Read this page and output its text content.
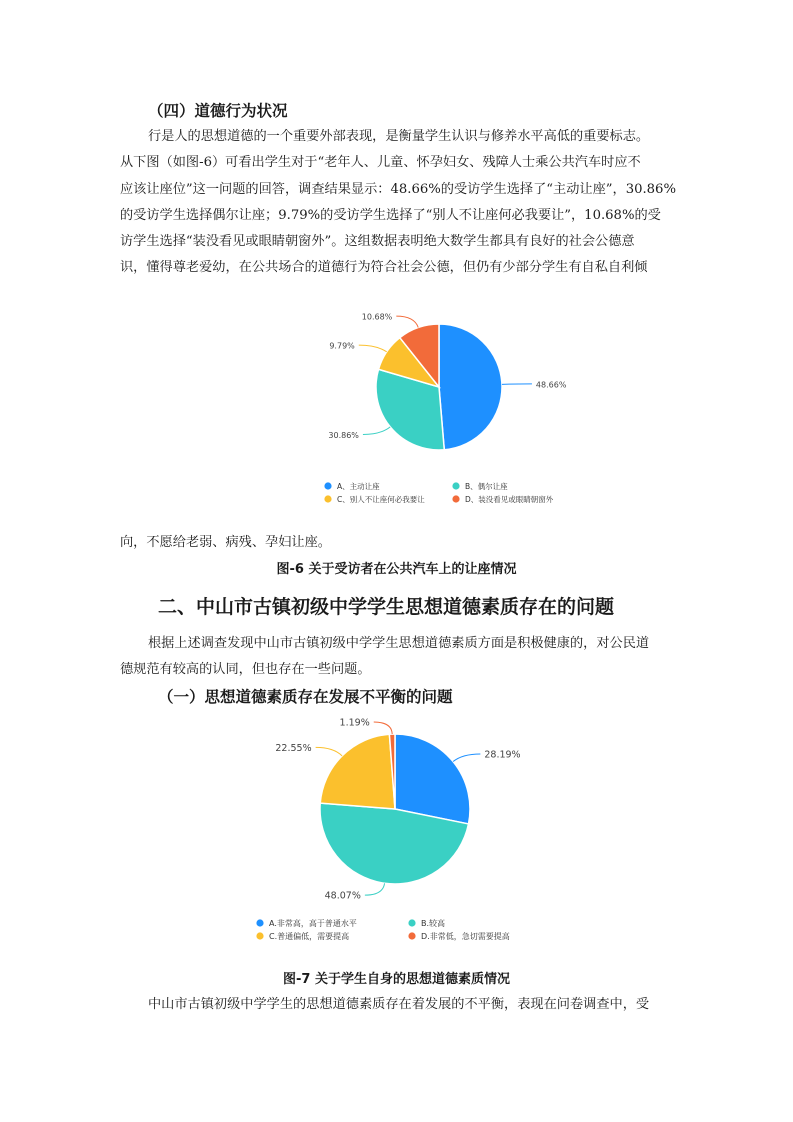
（四）道德行为状况
行是人的思想道德的一个重要外部表现，是衡量学生认识与修养水平高低的重要标志。
从下图（如图-6）可看出学生对于“老年人、儿童、怀孕妇女、残障人士乘公共汽车时应不
应该让座位”这一问题的回答，调查结果显示：48.66%的受访学生选择了“主动让座”，30.86%
的受访学生选择偶尔让座；9.79%的受访学生选择了“别人不让座何必我要让”，10.68%的受
访学生选择“装没看见或眼睛朝窗外”。这组数据表明绝大数学生都具有良好的社会公德意
识，懂得尊老爱幼，在公共场合的道德行为符合社会公德，但仍有少部分学生有自私自利倾
48.66%
30.86%
9.79%
10.68%
A、主动让座	B、偶尔让座
C、别人不让座何必我要让	D、装没看见或眼睛朝窗外
向，不愿给老弱、病残、孕妇让座。
图-6 关于受访者在公共汽车上的让座情况
二、中山市古镇初级中学学生思想道德素质存在的问题
根据上述调查发现中山市古镇初级中学学生思想道德素质方面是积极健康的，对公民道
德规范有较高的认同，但也存在一些问题。
（一）思想道德素质存在发展不平衡的问题
28.19%
48.07%
22.55%
1.19%
A.非常高，高于普通水平	B.较高
C.普通偏低，需要提高	D.非常低，急切需要提高
图-7 关于学生自身的思想道德素质情况
中山市古镇初级中学学生的思想道德素质存在着发展的不平衡，表现在问卷调查中，受
